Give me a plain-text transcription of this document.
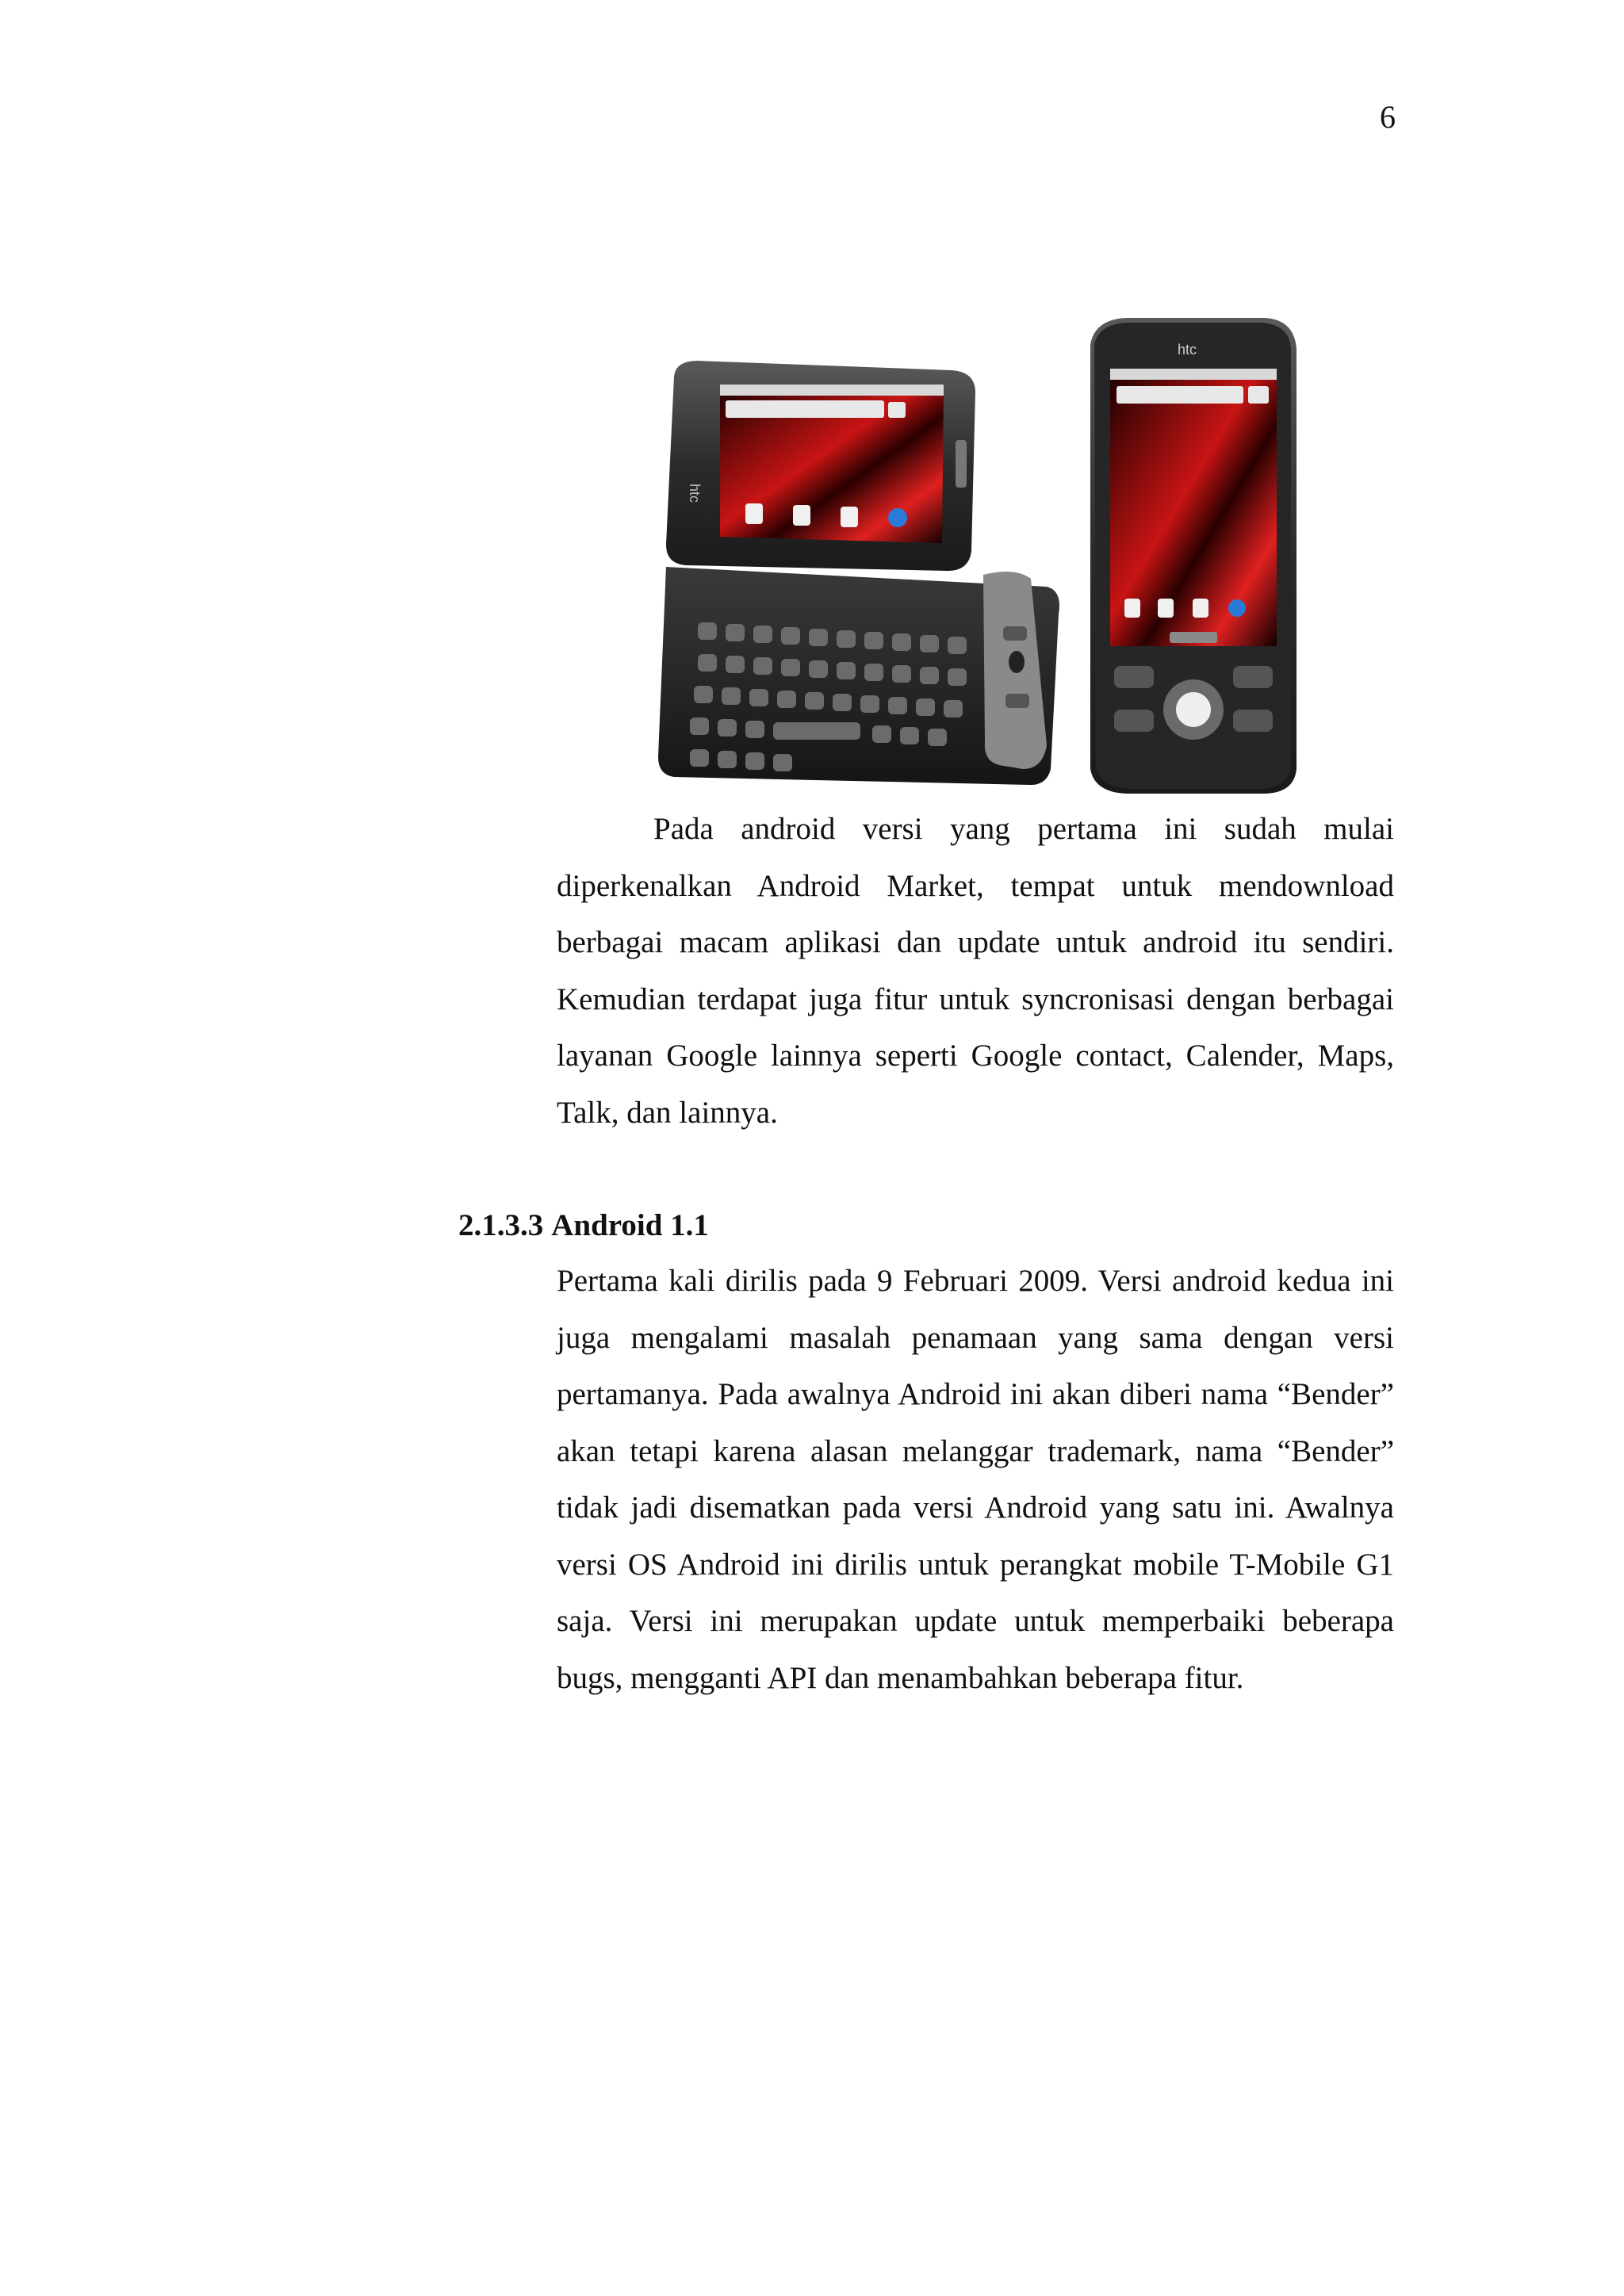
6
htc
htc

Pada android versi yang pertama ini sudah mulai diperkenalkan Android Market, tempat untuk mendownload berbagai macam aplikasi dan update untuk android itu sendiri. Kemudian terdapat juga fitur untuk syncronisasi dengan berbagai layanan Google lainnya seperti Google contact, Calender, Maps, Talk, dan lainnya.

2.1.3.3 Android 1.1

Pertama kali dirilis pada 9 Februari 2009. Versi android kedua ini juga mengalami masalah penamaan yang sama dengan versi pertamanya. Pada awalnya Android ini akan diberi nama “Bender” akan tetapi karena alasan melanggar trademark, nama “Bender” tidak jadi disematkan pada versi Android yang satu ini. Awalnya versi OS Android ini dirilis untuk perangkat mobile T-Mobile G1 saja. Versi ini merupakan update untuk memperbaiki beberapa bugs, mengganti API dan menambahkan beberapa fitur.
